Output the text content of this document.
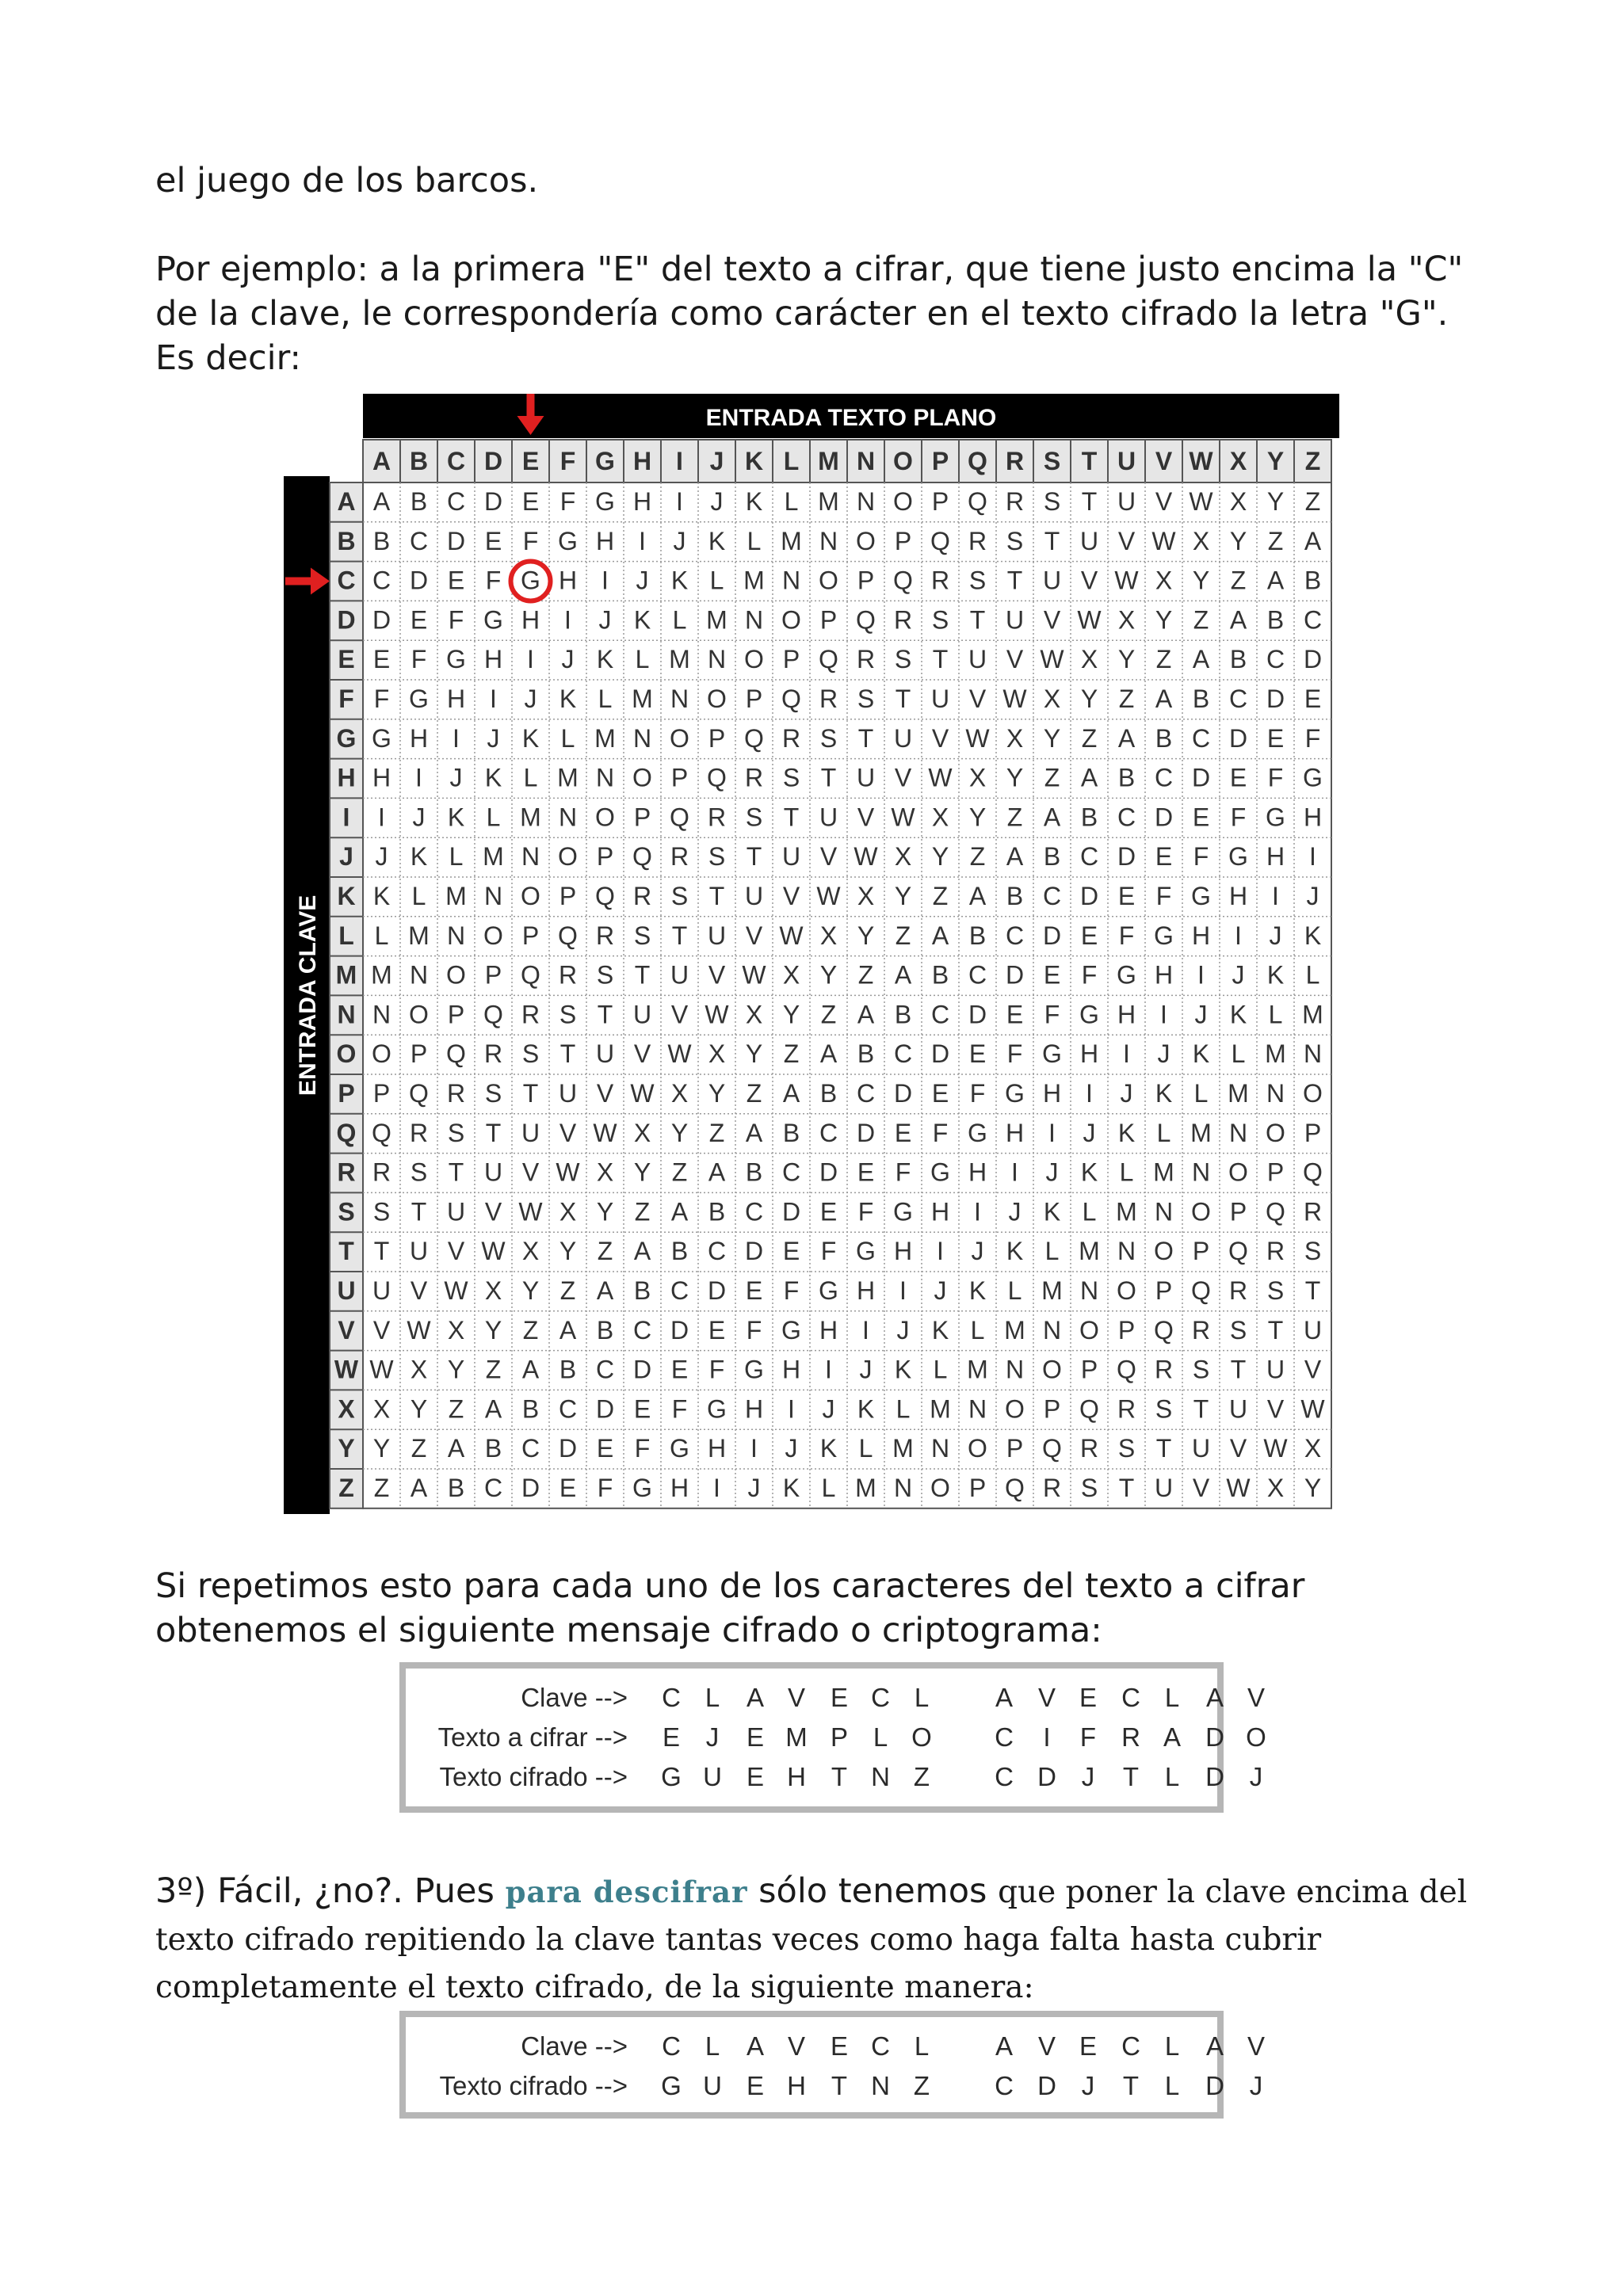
el juego de los barcos.

Por ejemplo: a la primera "E" del texto a cifrar, que tiene justo encima la "C" de la clave, le correspondería como carácter en el texto cifrado la letra "G". Es decir:

ENTRADA TEXTO PLANO
ENTRADA CLAVE
A B C D E F G H I J K L M N O P Q R S T U V W X Y Z
A A B C D E F G H I J K L M N O P Q R S T U V W X Y Z
B B C D E F G H I J K L M N O P Q R S T U V W X Y Z A
C C D E F G H I J K L M N O P Q R S T U V W X Y Z A B
D D E F G H I J K L M N O P Q R S T U V W X Y Z A B C
E E F G H I J K L M N O P Q R S T U V W X Y Z A B C D
F F G H I J K L M N O P Q R S T U V W X Y Z A B C D E
G G H I J K L M N O P Q R S T U V W X Y Z A B C D E F
H H I J K L M N O P Q R S T U V W X Y Z A B C D E F G
I I J K L M N O P Q R S T U V W X Y Z A B C D E F G H
J J K L M N O P Q R S T U V W X Y Z A B C D E F G H I
K K L M N O P Q R S T U V W X Y Z A B C D E F G H I J
L L M N O P Q R S T U V W X Y Z A B C D E F G H I J K
M M N O P Q R S T U V W X Y Z A B C D E F G H I J K L
N N O P Q R S T U V W X Y Z A B C D E F G H I J K L M
O O P Q R S T U V W X Y Z A B C D E F G H I J K L M N
P P Q R S T U V W X Y Z A B C D E F G H I J K L M N O
Q Q R S T U V W X Y Z A B C D E F G H I J K L M N O P
R R S T U V W X Y Z A B C D E F G H I J K L M N O P Q
S S T U V W X Y Z A B C D E F G H I J K L M N O P Q R
T T U V W X Y Z A B C D E F G H I J K L M N O P Q R S
U U V W X Y Z A B C D E F G H I J K L M N O P Q R S T
V V W X Y Z A B C D E F G H I J K L M N O P Q R S T U
W W X Y Z A B C D E F G H I J K L M N O P Q R S T U V
X X Y Z A B C D E F G H I J K L M N O P Q R S T U V W
Y Y Z A B C D E F G H I J K L M N O P Q R S T U V W X
Z Z A B C D E F G H I J K L M N O P Q R S T U V W X Y

Si repetimos esto para cada uno de los caracteres del texto a cifrar obtenemos el siguiente mensaje cifrado o criptograma:

Clave --> C L A V E C L	A V E C L A V
Texto a cifrar --> E J E M P L O C	I	F R A D O
Texto cifrado --> G U E H T N Z C D J T L D J

3º) Fácil, ¿no?. Pues para descifrar sólo tenemos que poner la clave encima del texto cifrado repitiendo la clave tantas veces como haga falta hasta cubrir completamente el texto cifrado, de la siguiente manera:

Clave --> C L A V E C L	A V E C L A V
Texto cifrado --> G U E H T N Z C D J T L D J
